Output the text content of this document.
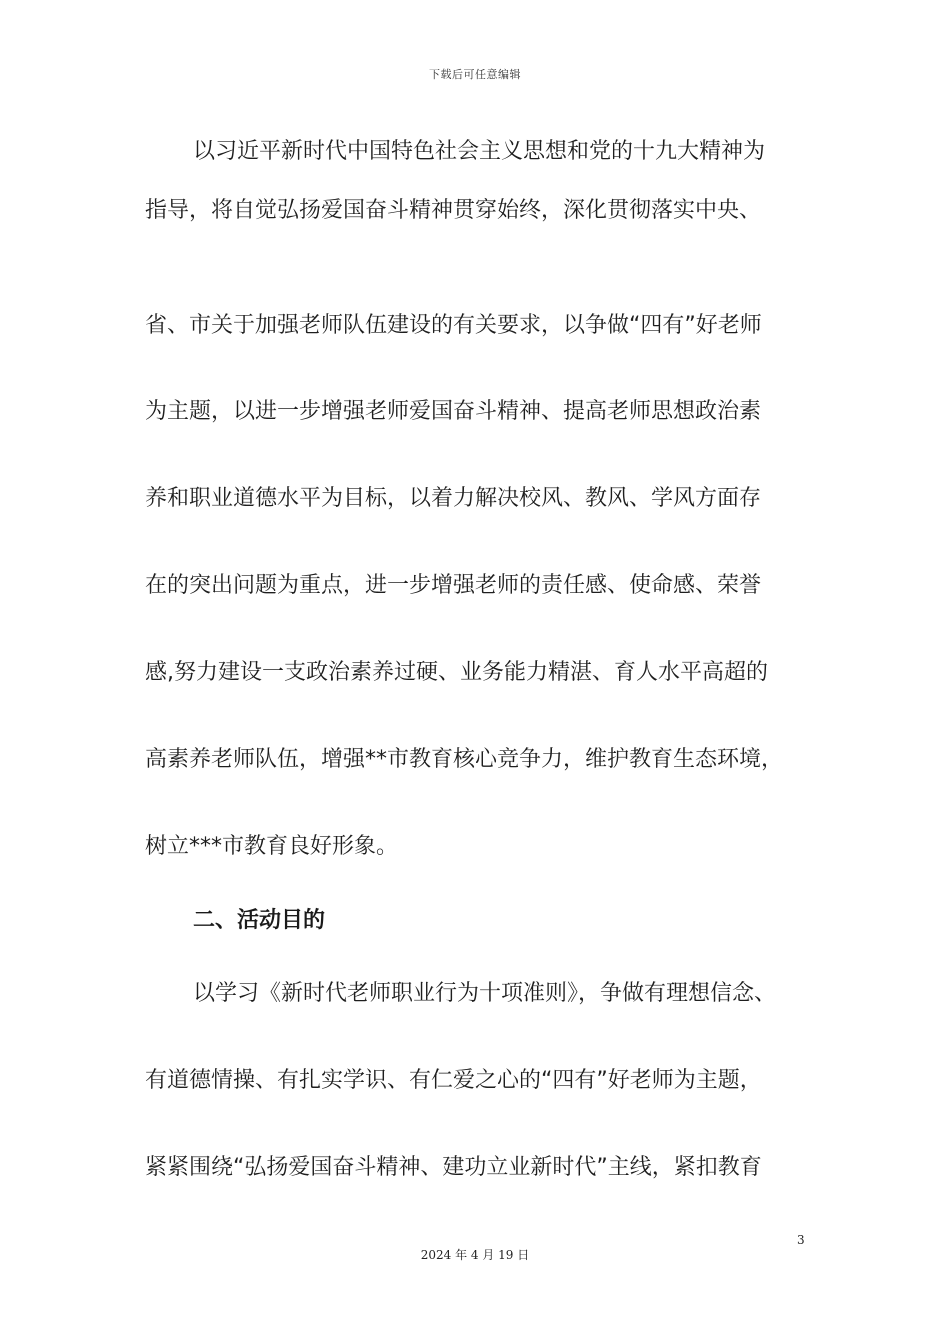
下载后可任意编辑
以习近平新时代中国特色社会主义思想和党的十九大精神为
指导，将自觉弘扬爱国奋斗精神贯穿始终，深化贯彻落实中央、
省、市关于加强老师队伍建设的有关要求，以争做“四有”好老师
为主题，以进一步增强老师爱国奋斗精神、提高老师思想政治素
养和职业道德水平为目标，以着力解决校风、教风、学风方面存
在的突出问题为重点，进一步增强老师的责任感、使命感、荣誉
感,努力建设一支政治素养过硬、业务能力精湛、育人水平高超的
高素养老师队伍，增强**市教育核心竞争力，维护教育生态环境，
树立***市教育良好形象。
二、活动目的
以学习《新时代老师职业行为十项准则》，争做有理想信念、
有道德情操、有扎实学识、有仁爱之心的“四有”好老师为主题，
紧紧围绕“弘扬爱国奋斗精神、建功立业新时代”主线，紧扣教育
3
2024 年 4 月 19 日
